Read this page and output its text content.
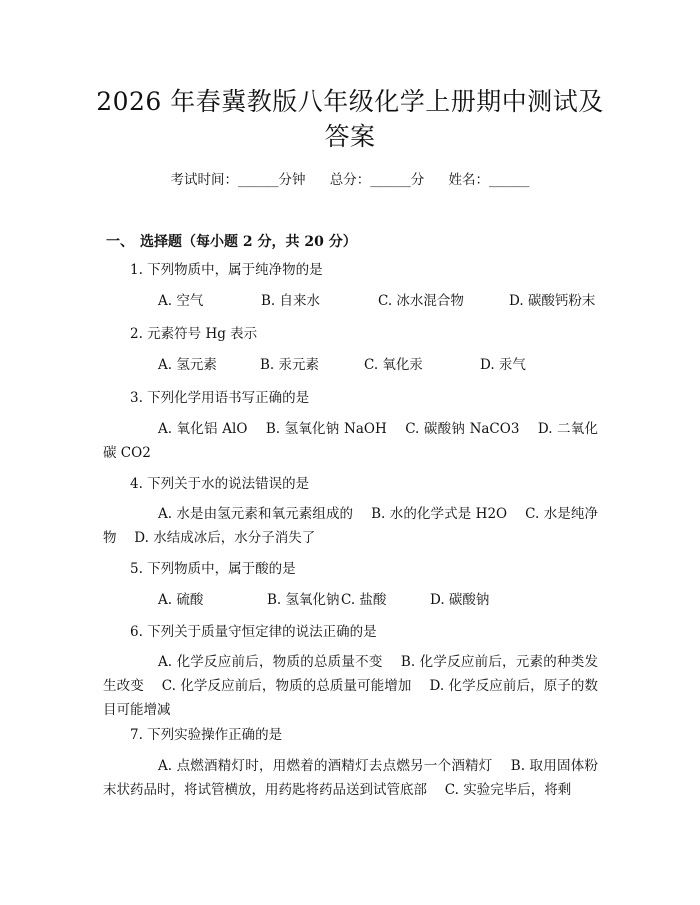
2026 年春冀教版八年级化学上册期中测试及
答案
考试时间：______分钟 总分：______分 姓名：______
一、 选择题（每小题 2 分，共 20 分）
1. 下列物质中，属于纯净物的是
A. 空气	B. 自来水	C. 冰水混合物	D. 碳酸钙粉末
2. 元素符号 Hg 表示
A. 氢元素	B. 汞元素	C. 氧化汞	D. 汞气
3. 下列化学用语书写正确的是
A. 氧化铝 AlO　 B. 氢氧化钠 NaOH　 C. 碳酸钠 NaCO3　 D. 二氧化碳 CO2
4. 下列关于水的说法错误的是
A. 水是由氢元素和氧元素组成的　 B. 水的化学式是 H2O　 C. 水是纯净物　 D. 水结成冰后，水分子消失了
5. 下列物质中，属于酸的是
A. 硫酸	B. 氢氧化钠C. 盐酸	D. 碳酸钠
6. 下列关于质量守恒定律的说法正确的是
A. 化学反应前后，物质的总质量不变　 B. 化学反应前后，元素的种类发生改变　 C. 化学反应前后，物质的总质量可能增加　 D. 化学反应前后，原子的数目可能增减
7. 下列实验操作正确的是
A. 点燃酒精灯时，用燃着的酒精灯去点燃另一个酒精灯　 B. 取用固体粉末状药品时，将试管横放，用药匙将药品送到试管底部　 C. 实验完毕后，将剩
